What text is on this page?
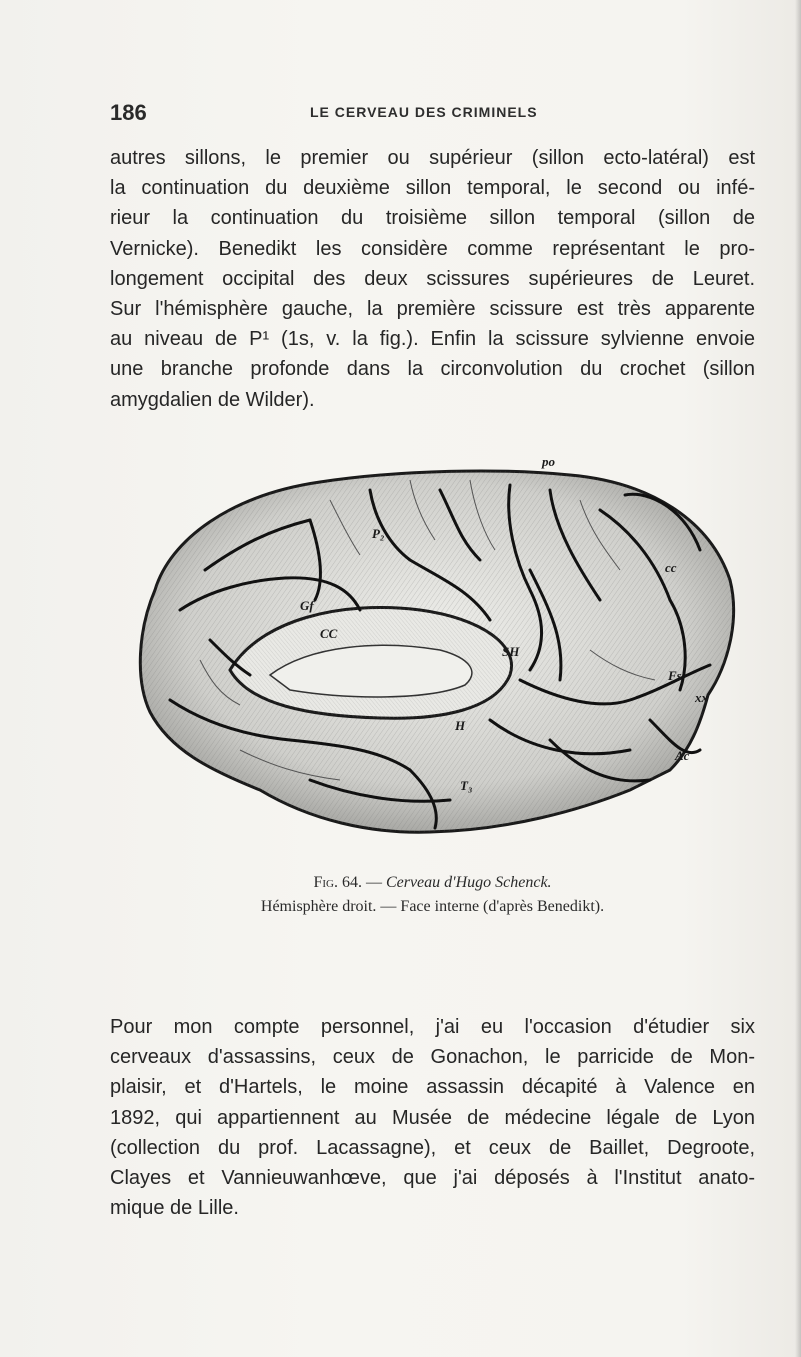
186	LE CERVEAU DES CRIMINELS
autres sillons, le premier ou supérieur (sillon ecto-latéral) est
la continuation du deuxième sillon temporal, le second ou infé-
rieur la continuation du troisième sillon temporal (sillon de
Vernicke). Benedikt les considère comme représentant le pro-
longement occipital des deux scissures supérieures de Leuret.
Sur l'hémisphère gauche, la première scissure est très apparente
au niveau de P¹ (1s, v. la fig.). Enfin la scissure sylvienne envoie
une branche profonde dans la circonvolution du crochet (sillon
amygdalien de Wilder).
po
P₂
Gf
CC
cc
SH
H
T₃
Fs
xx
Ac
Fig. 64. — Cerveau d'Hugo Schenck.
Hémisphère droit. — Face interne (d'après Benedikt).
Pour mon compte personnel, j'ai eu l'occasion d'étudier six
cerveaux d'assassins, ceux de Gonachon, le parricide de Mon-
plaisir, et d'Hartels, le moine assassin décapité à Valence en
1892, qui appartiennent au Musée de médecine légale de Lyon
(collection du prof. Lacassagne), et ceux de Baillet, Degroote,
Clayes et Vannieuwanhœve, que j'ai déposés à l'Institut anato-
mique de Lille.
